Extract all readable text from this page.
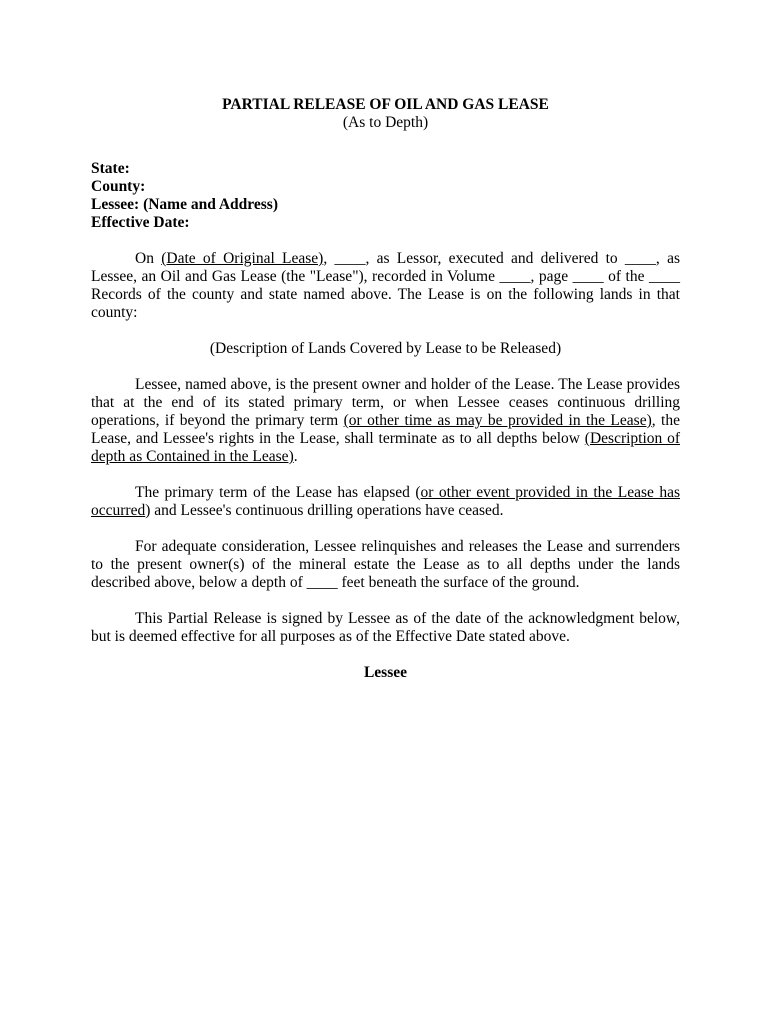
PARTIAL RELEASE OF OIL AND GAS LEASE
(As to Depth)
State:
County:
Lessee: (Name and Address)
Effective Date:

On (Date of Original Lease), ____, as Lessor, executed and delivered to ____, as Lessee, an Oil and Gas Lease (the "Lease"), recorded in Volume ____, page ____ of the ____ Records of the county and state named above. The Lease is on the following lands in that county:

(Description of Lands Covered by Lease to be Released)

Lessee, named above, is the present owner and holder of the Lease. The Lease provides that at the end of its stated primary term, or when Lessee ceases continuous drilling operations, if beyond the primary term (or other time as may be provided in the Lease), the Lease, and Lessee's rights in the Lease, shall terminate as to all depths below (Description of depth as Contained in the Lease).

The primary term of the Lease has elapsed (or other event provided in the Lease has occurred) and Lessee's continuous drilling operations have ceased.

For adequate consideration, Lessee relinquishes and releases the Lease and surrenders to the present owner(s) of the mineral estate the Lease as to all depths under the lands described above, below a depth of ____ feet beneath the surface of the ground.

This Partial Release is signed by Lessee as of the date of the acknowledgment below, but is deemed effective for all purposes as of the Effective Date stated above.

Lessee
